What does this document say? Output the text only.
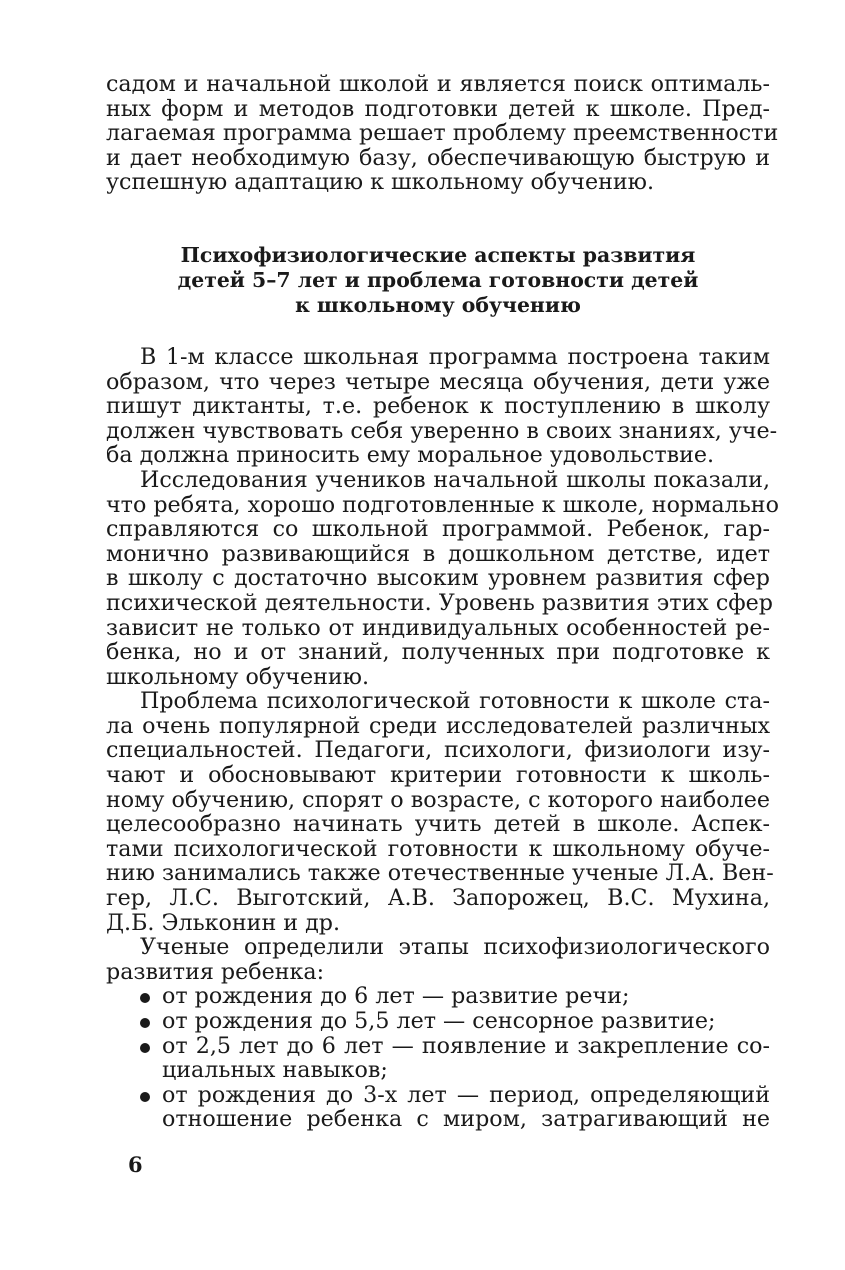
садом и начальной школой и является поиск оптималь-
ных форм и методов подготовки детей к школе. Пред-
лагаемая программа решает проблему преемственности
и дает необходимую базу, обеспечивающую быструю и
успешную адаптацию к школьному обучению.
Психофизиологические аспекты развития
детей 5–7 лет и проблема готовности детей
к школьному обучению
В 1-м классе школьная программа построена таким
образом, что через четыре месяца обучения, дети уже
пишут диктанты, т.е. ребенок к поступлению в школу
должен чувствовать себя уверенно в своих знаниях, уче-
ба должна приносить ему моральное удовольствие.
Исследования учеников начальной школы показали,
что ребята, хорошо подготовленные к школе, нормально
справляются со школьной программой. Ребенок, гар-
монично развивающийся в дошкольном детстве, идет
в школу с достаточно высоким уровнем развития сфер
психической деятельности. Уровень развития этих сфер
зависит не только от индивидуальных особенностей ре-
бенка, но и от знаний, полученных при подготовке к
школьному обучению.
Проблема психологической готовности к школе ста-
ла очень популярной среди исследователей различных
специальностей. Педагоги, психологи, физиологи изу-
чают и обосновывают критерии готовности к школь-
ному обучению, спорят о возрасте, с которого наиболее
целесообразно начинать учить детей в школе. Аспек-
тами психологической готовности к школьному обуче-
нию занимались также отечественные ученые Л.А. Вен-
гер, Л.С. Выготский, А.В. Запорожец, В.С. Мухина,
Д.Б. Эльконин и др.
Ученые определили этапы психофизиологического
развития ребенка:
от рождения до 6 лет — развитие речи;
от рождения до 5,5 лет — сенсорное развитие;
от 2,5 лет до 6 лет — появление и закрепление со-
циальных навыков;
от рождения до 3-х лет — период, определяющий
отношение ребенка с миром, затрагивающий не
6
